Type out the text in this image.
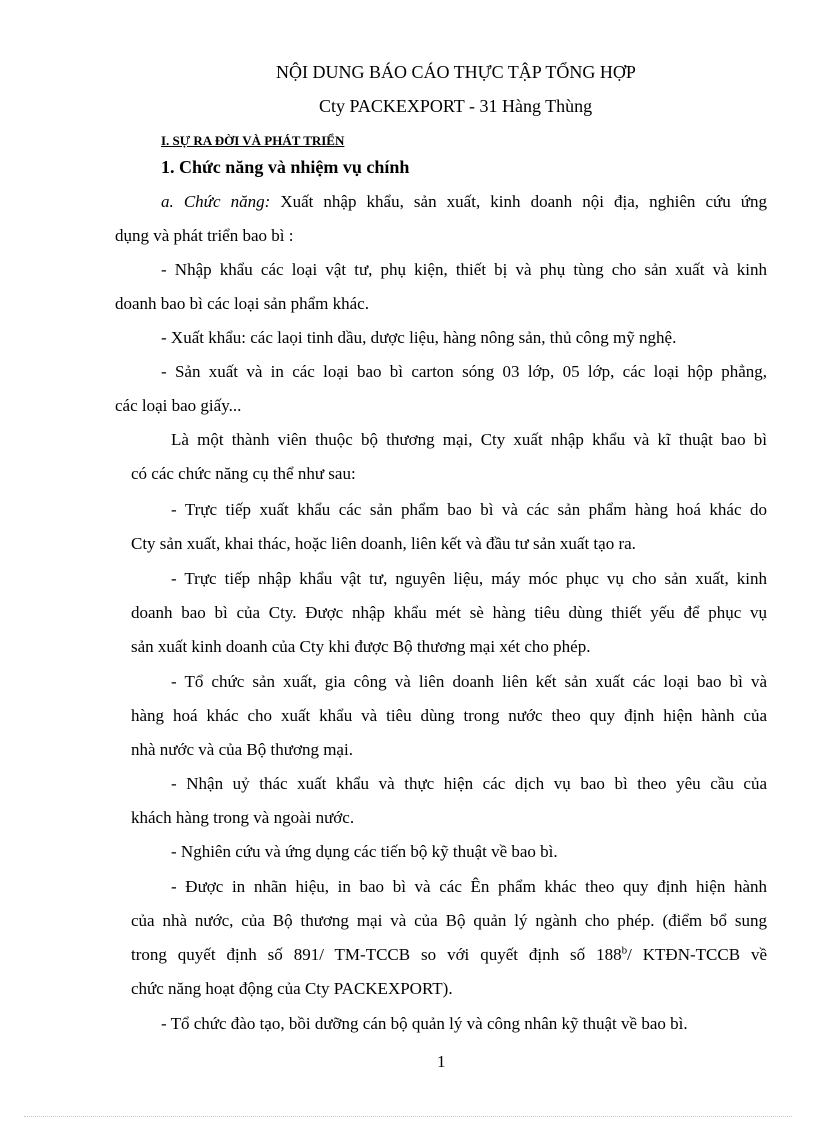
NỘI DUNG BÁO CÁO THỰC TẬP TỔNG HỢP
Cty PACKEXPORT - 31 Hàng Thùng
I. SỰ RA ĐỜI VÀ PHÁT TRIỂN
1. Chức năng và nhiệm vụ chính
a. Chức năng: Xuất nhập khẩu, sản xuất, kinh doanh nội địa, nghiên cứu ứng
dụng và phát triển bao bì :
- Nhập khẩu các loại vật tư, phụ kiện, thiết bị và phụ tùng cho sản xuất và kinh
doanh bao bì các loại sản phẩm khác.
- Xuất khẩu: các laọi tinh dầu, dược liệu, hàng nông sản, thủ công mỹ nghệ.
- Sản xuất và in các loại bao bì carton sóng 03 lớp, 05 lớp, các loại hộp phẳng,
các loại bao giấy...
Là một thành viên thuộc bộ thương mại, Cty xuất nhập khẩu và kĩ thuật bao bì
có các chức năng cụ thể như sau:
- Trực tiếp xuất khẩu các sản phẩm bao bì và các sản phẩm hàng hoá khác do
Cty sản xuất, khai thác, hoặc liên doanh, liên kết và đầu tư sản xuất tạo ra.
- Trực tiếp nhập khẩu vật tư, nguyên liệu, máy móc phục vụ cho sản xuất, kinh
doanh bao bì của Cty. Được nhập khẩu mét sè hàng tiêu dùng thiết yếu để phục vụ
sản xuất kinh doanh của Cty khi được Bộ thương mại xét cho phép.
- Tổ chức sản xuất, gia công và liên doanh liên kết sản xuất các loại bao bì và
hàng hoá khác cho xuất khẩu và tiêu dùng trong nước theo quy định hiện hành của
nhà nước và của Bộ thương mại.
- Nhận uỷ thác xuất khẩu và thực hiện các dịch vụ bao bì theo yêu cầu của
khách hàng trong và ngoài nước.
- Nghiên cứu và ứng dụng các tiến bộ kỹ thuật về bao bì.
- Được in nhãn hiệu, in bao bì và các Ên phẩm khác theo quy định hiện hành
của nhà nước, của Bộ thương mại và của Bộ quản lý ngành cho phép. (điểm bổ sung
trong quyết định số 891/ TM-TCCB so với quyết định số 188$^b$/ KTĐN-TCCB về
chức năng hoạt động của Cty PACKEXPORT).
- Tổ chức đào tạo, bồi dưỡng cán bộ quản lý và công nhân kỹ thuật về bao bì.
1
